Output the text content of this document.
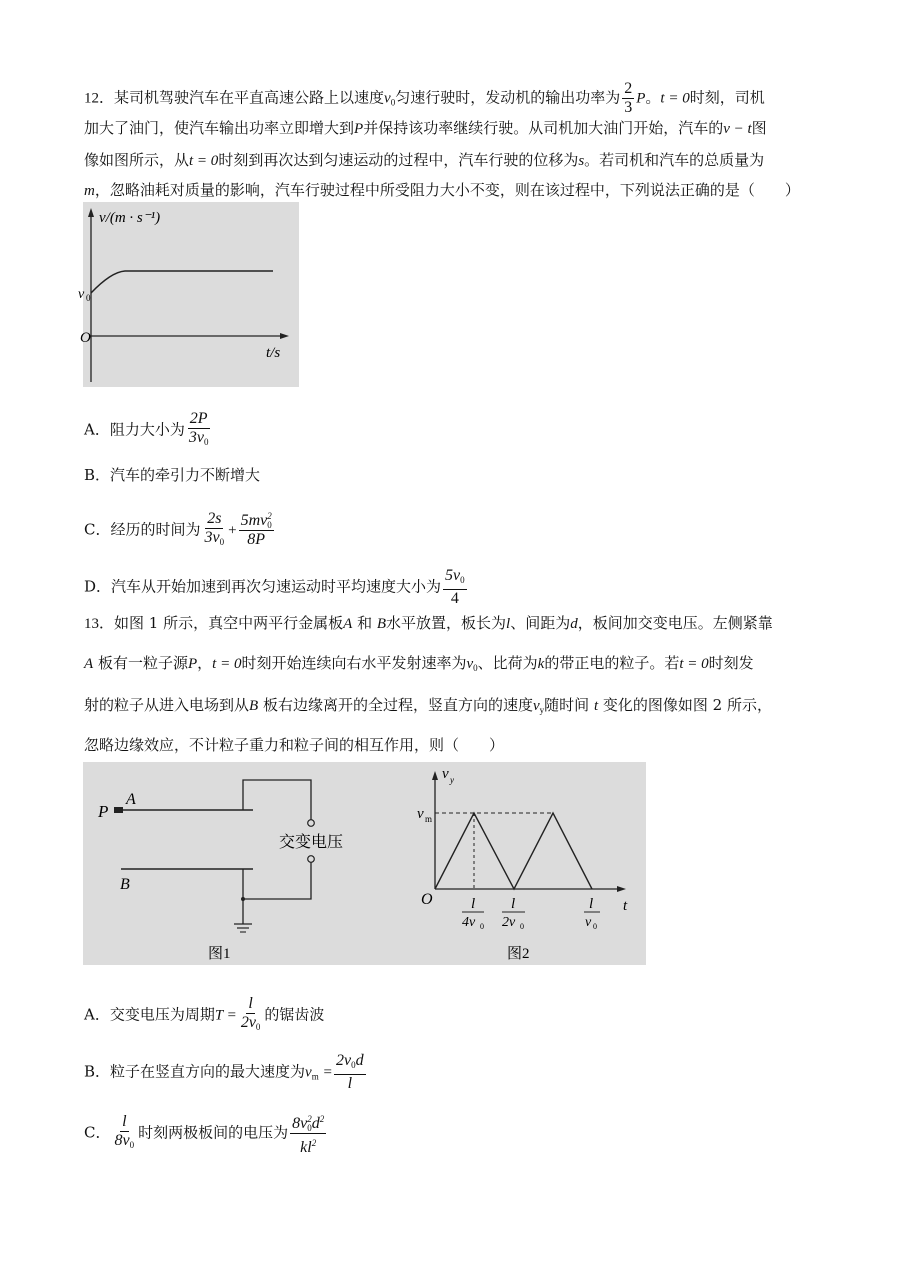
12．某司机驾驶汽车在平直高速公路上以速度$v_0$匀速行驶时，发动机的输出功率为 $\frac{2}{3}$ P。t = 0时刻，司机
加大了油门，使汽车输出功率立即增大到P并保持该功率继续行驶。从司机加大油门开始，汽车的v − t图
像如图所示，从t = 0时刻到再次达到匀速运动的过程中，汽车行驶的位移为s。若司机和汽车的总质量为
m，忽略油耗对质量的影响，汽车行驶过程中所受阻力大小不变，则在该过程中，下列说法正确的是（　　）
v/(m · s⁻¹)
t/s
O
v 0
A．阻力大小为 $\frac{2P}{3v_0}$
B．汽车的牵引力不断增大
C．经历的时间为 $\frac{2s}{3v_0} + 5mv$ 2
0
8P
D．汽车从开始加速到再次匀速运动时平均速度大小为 $\frac{5v_0}{4}$
13．如图 1 所示，真空中两平行金属板A 和 B水平放置，板长为l、间距为d，板间加交变电压。左侧紧靠
A 板有一粒子源P，t = 0时刻开始连续向右水平发射速率为$v_0$、比荷为k的带正电的粒子。若t = 0时刻发
射的粒子从进入电场到从B 板右边缘离开的全过程，竖直方向的速度$v_y$随时间 t 变化的图像如图 2 所示，
忽略边缘效应，不计粒子重力和粒子间的相互作用，则（　　）
P
A
B
交变电压
图1
v y
v m
O	t
l
4v 0
l
2v 0
l
v 0
图2
A．交变电压为周期$T = \frac{l}{2v_0}$ 的锯齿波
B．粒子在竖直方向的最大速度为$v_m = \frac{2v_0d}{l}$
C． $\frac{l}{8v_0}$ 时刻两极板间的电压为 8v 2
0 $d^2$
$kl^2$
